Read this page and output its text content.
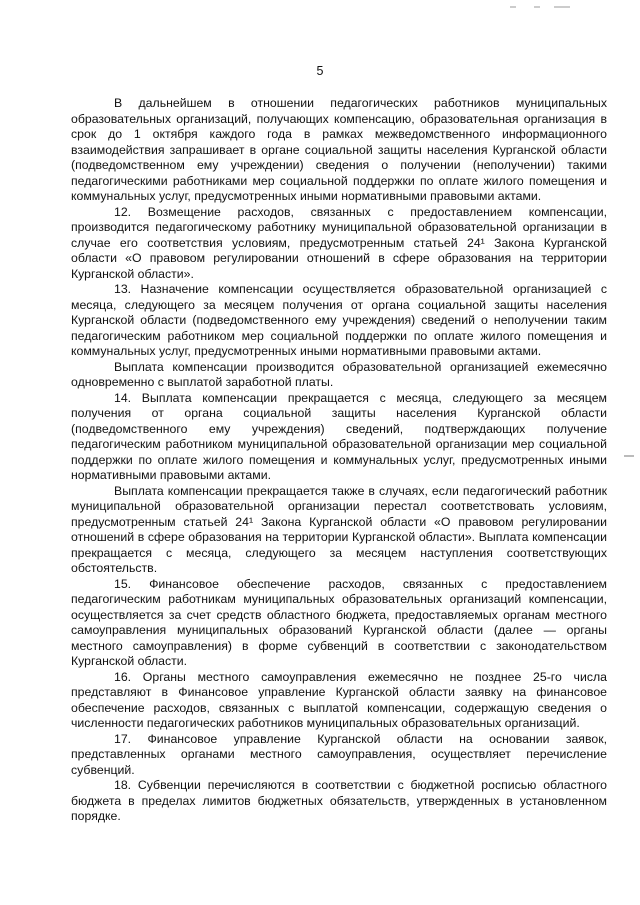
5

В дальнейшем в отношении педагогических работников муниципальных образовательных организаций, получающих компенсацию, образовательная организация в срок до 1 октября каждого года в рамках межведомственного информационного взаимодействия запрашивает в органе социальной защиты населения Курганской области (подведомственном ему учреждении) сведения о получении (неполучении) такими педагогическими работниками мер социальной поддержки по оплате жилого помещения и коммунальных услуг, предусмотренных иными нормативными правовыми актами.

12. Возмещение расходов, связанных с предоставлением компенсации, производится педагогическому работнику муниципальной образовательной организации в случае его соответствия условиям, предусмотренным статьей 24¹ Закона Курганской области «О правовом регулировании отношений в сфере образования на территории Курганской области».

13. Назначение компенсации осуществляется образовательной организацией с месяца, следующего за месяцем получения от органа социальной защиты населения Курганской области (подведомственного ему учреждения) сведений о неполучении таким педагогическим работником мер социальной поддержки по оплате жилого помещения и коммунальных услуг, предусмотренных иными нормативными правовыми актами.

Выплата компенсации производится образовательной организацией ежемесячно одновременно с выплатой заработной платы.

14. Выплата компенсации прекращается с месяца, следующего за месяцем получения от органа социальной защиты населения Курганской области (подведомственного ему учреждения) сведений, подтверждающих получение педагогическим работником муниципальной образовательной организации мер социальной поддержки по оплате жилого помещения и коммунальных услуг, предусмотренных иными нормативными правовыми актами.

Выплата компенсации прекращается также в случаях, если педагогический работник муниципальной образовательной организации перестал соответствовать условиям, предусмотренным статьей 24¹ Закона Курганской области «О правовом регулировании отношений в сфере образования на территории Курганской области». Выплата компенсации прекращается с месяца, следующего за месяцем наступления соответствующих обстоятельств.

15. Финансовое обеспечение расходов, связанных с предоставлением педагогическим работникам муниципальных образовательных организаций компенсации, осуществляется за счет средств областного бюджета, предоставляемых органам местного самоуправления муниципальных образований Курганской области (далее — органы местного самоуправления) в форме субвенций в соответствии с законодательством Курганской области.

16. Органы местного самоуправления ежемесячно не позднее 25-го числа представляют в Финансовое управление Курганской области заявку на финансовое обеспечение расходов, связанных с выплатой компенсации, содержащую сведения о численности педагогических работников муниципальных образовательных организаций.

17. Финансовое управление Курганской области на основании заявок, представленных органами местного самоуправления, осуществляет перечисление субвенций.

18. Субвенции перечисляются в соответствии с бюджетной росписью областного бюджета в пределах лимитов бюджетных обязательств, утвержденных в установленном порядке.
